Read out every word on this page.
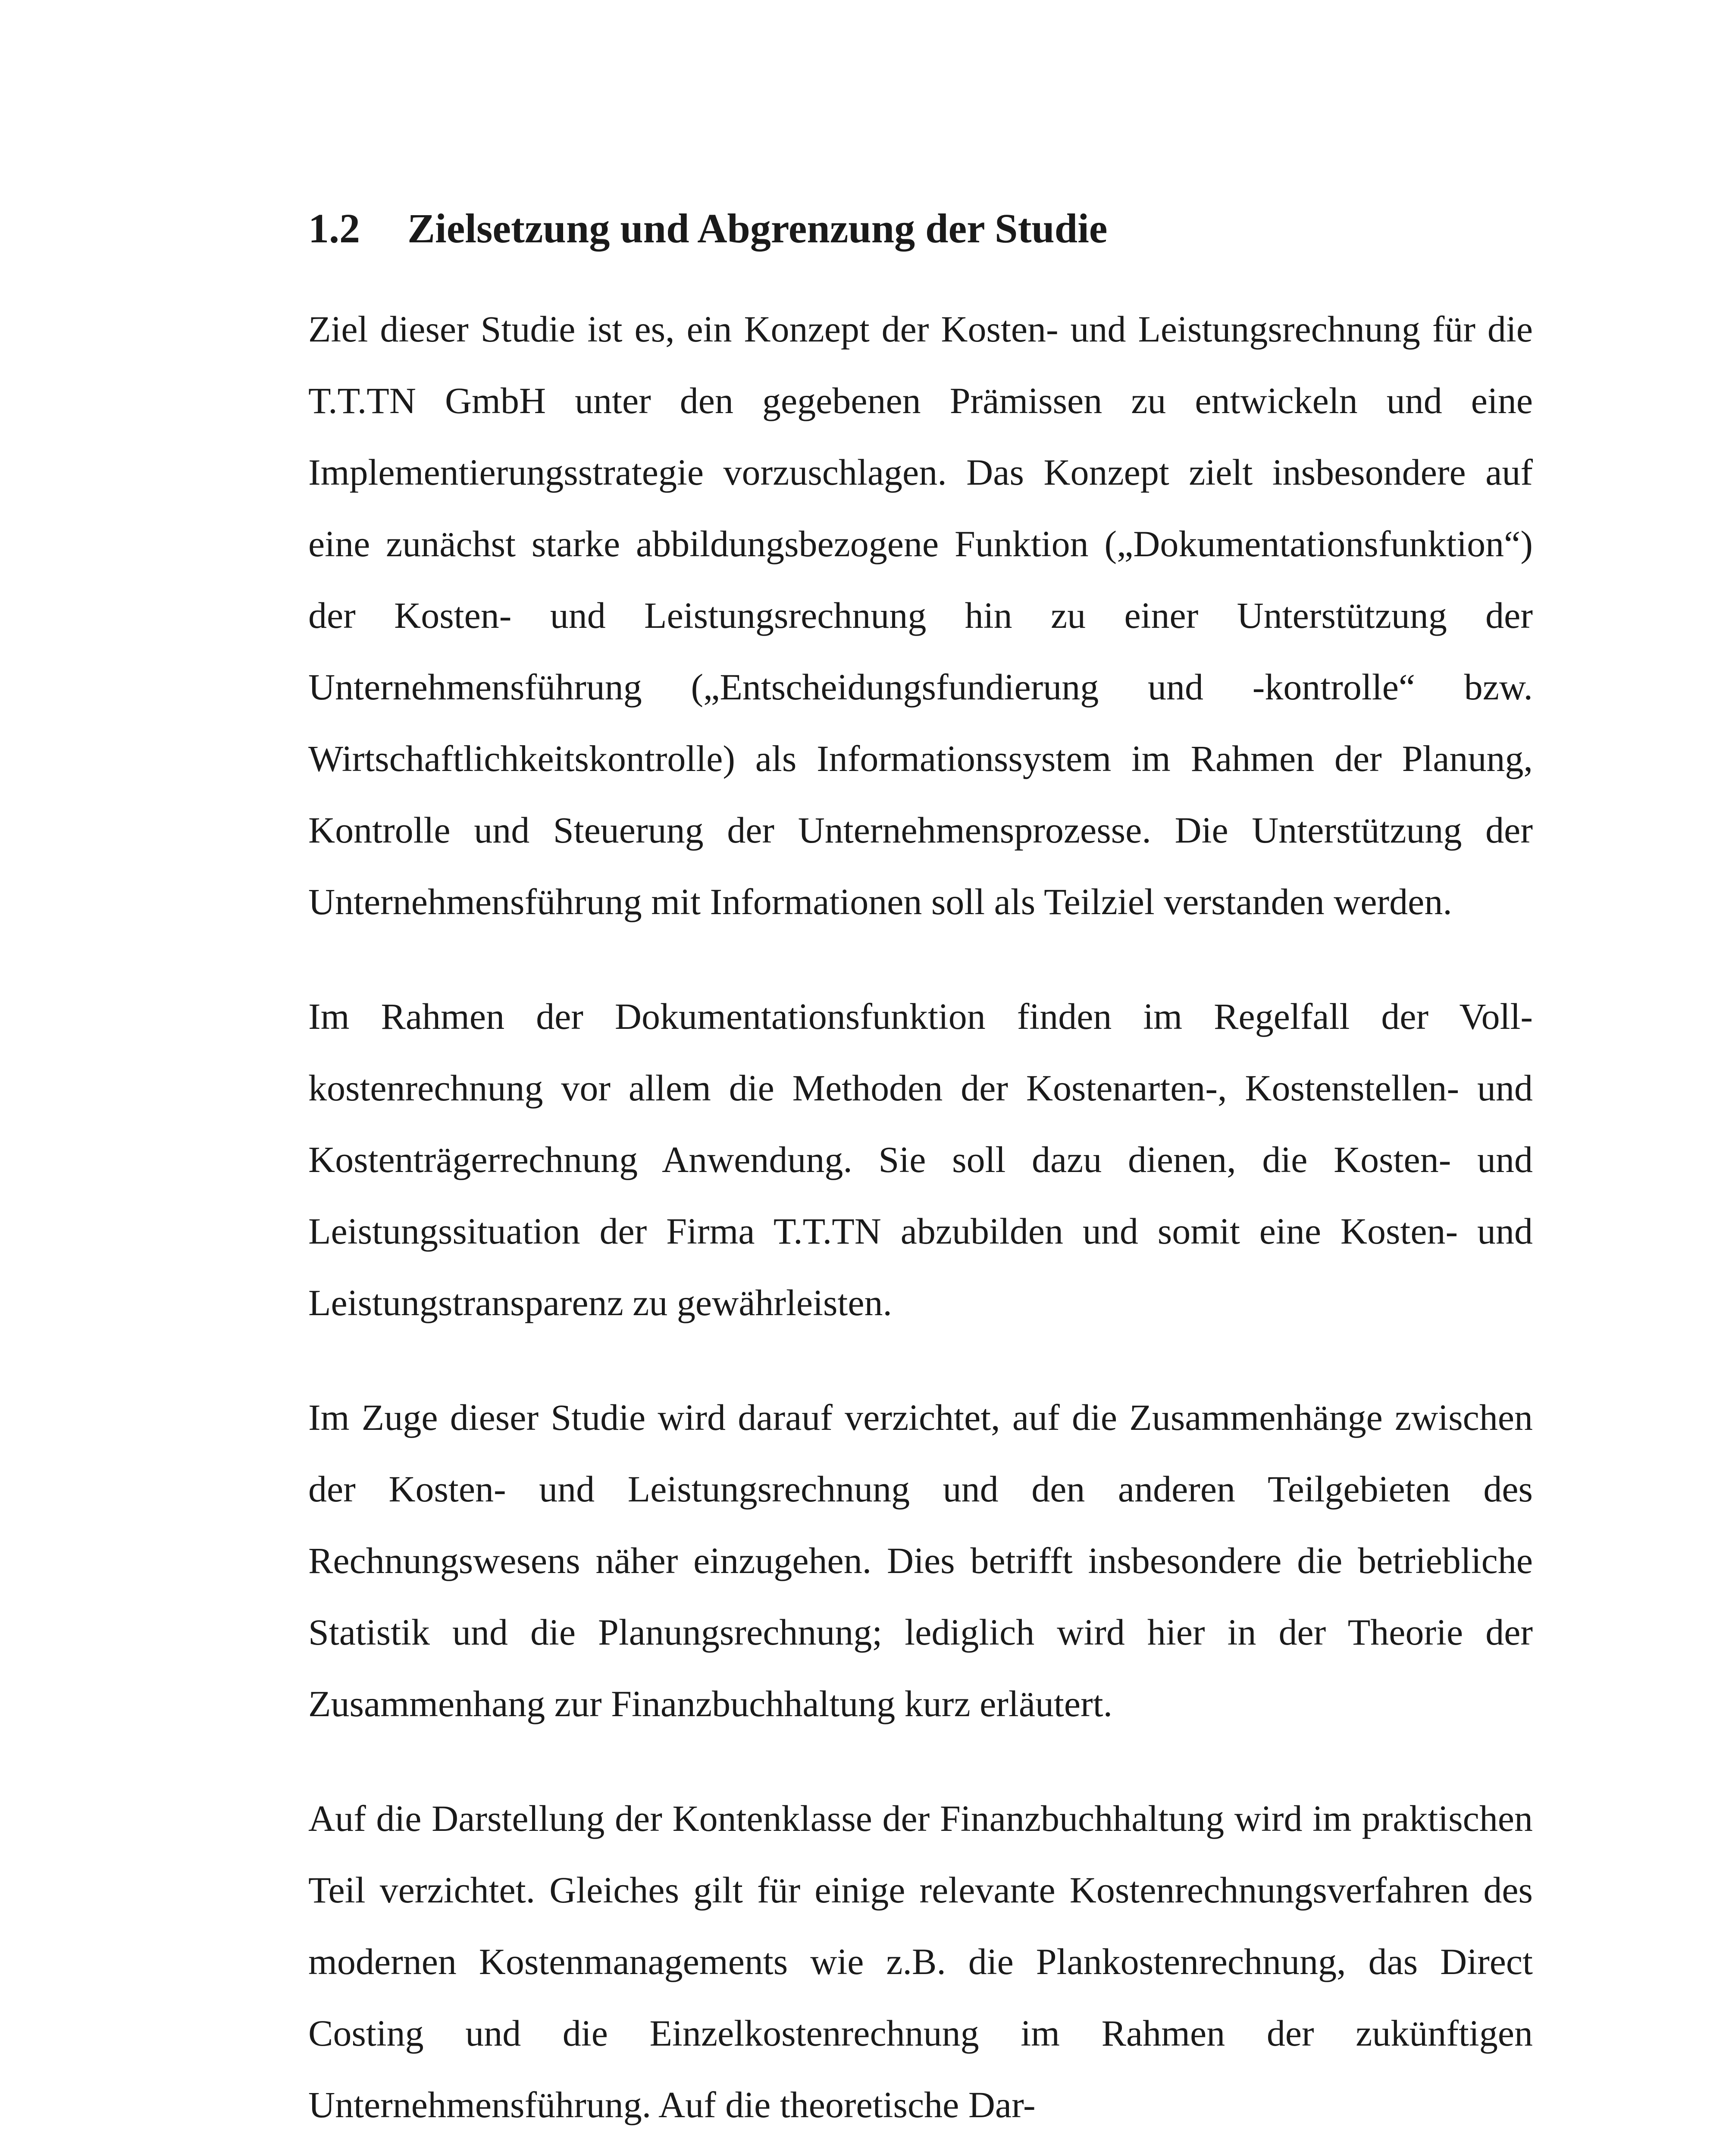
1.2	Zielsetzung und Abgrenzung der Studie

Ziel dieser Studie ist es, ein Konzept der Kosten- und Leistungsrechnung für die T.T.TN GmbH unter den gegebenen Prämissen zu entwickeln und eine Implementierungsstrategie vorzuschlagen. Das Konzept zielt insbesondere auf eine zunächst starke abbildungsbezogene Funktion („Dokumentationsfunktion“) der Kosten- und Leistungsrechnung hin zu einer Unterstützung der Unternehmensführung („Entscheidungsfundierung und -kontrolle“ bzw. Wirtschaftlichkeitskontrolle) als Informationssystem im Rahmen der Planung, Kontrolle und Steuerung der Unternehmensprozesse. Die Unterstützung der Unternehmensführung mit Informationen soll als Teilziel verstanden werden.

Im Rahmen der Dokumentationsfunktion finden im Regelfall der Vollkostenrechnung vor allem die Methoden der Kostenarten-, Kostenstellen- und Kostenträgerrechnung Anwendung. Sie soll dazu dienen, die Kosten- und Leistungssituation der Firma T.T.TN abzubilden und somit eine Kosten- und Leistungstransparenz zu gewährleisten.

Im Zuge dieser Studie wird darauf verzichtet, auf die Zusammenhänge zwischen der Kosten- und Leistungsrechnung und den anderen Teilgebieten des Rechnungswesens näher einzugehen. Dies betrifft insbesondere die betriebliche Statistik und die Planungsrechnung; lediglich wird hier in der Theorie der Zusammenhang zur Finanzbuchhaltung kurz erläutert.

Auf die Darstellung der Kontenklasse der Finanzbuchhaltung wird im praktischen Teil verzichtet. Gleiches gilt für einige relevante Kostenrechnungsverfahren des modernen Kostenmanagements wie z.B. die Plankostenrechnung, das Direct Costing und die Einzelkostenrechnung im Rahmen der zukünftigen Unternehmensführung. Auf die theoretische Dar-
